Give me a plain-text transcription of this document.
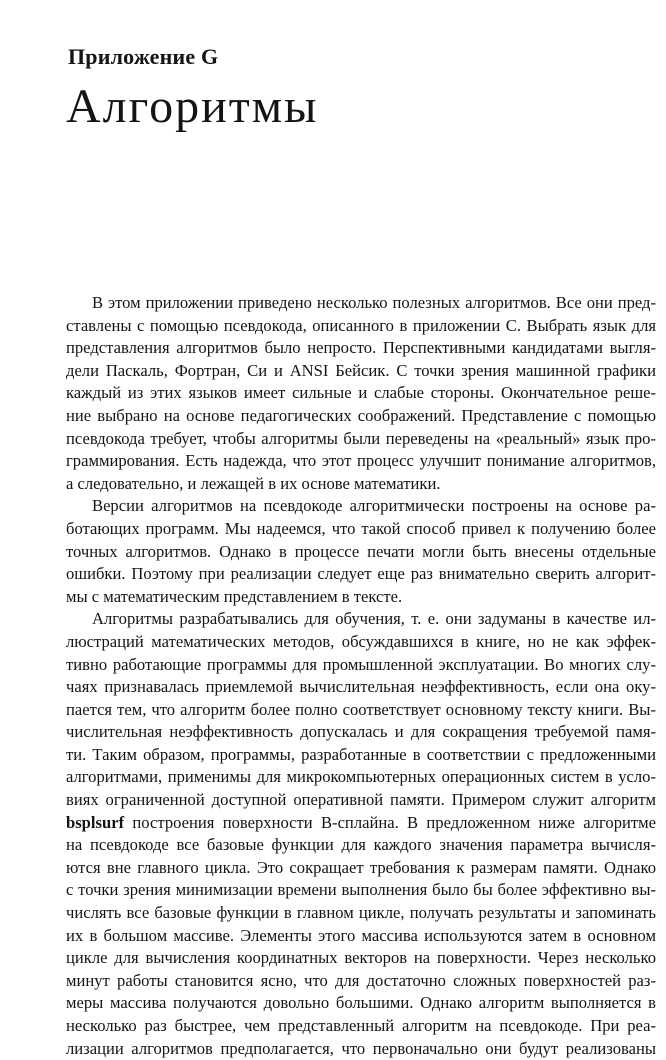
Приложение G
Алгоритмы
В этом приложении приведено несколько полезных алгоритмов. Все они пред-
ставлены с помощью псевдокода, описанного в приложении С. Выбрать язык для
представления алгоритмов было непросто. Перспективными кандидатами выгля-
дели Паскаль, Фортран, Си и ANSI Бейсик. С точки зрения машинной графики
каждый из этих языков имеет сильные и слабые стороны. Окончательное реше-
ние выбрано на основе педагогических соображений. Представление с помощью
псевдокода требует, чтобы алгоритмы были переведены на «реальный» язык про-
граммирования. Есть надежда, что этот процесс улучшит понимание алгоритмов,
а следовательно, и лежащей в их основе математики.
Версии алгоритмов на псевдокоде алгоритмически построены на основе ра-
ботающих программ. Мы надеемся, что такой способ привел к получению более
точных алгоритмов. Однако в процессе печати могли быть внесены отдельные
ошибки. Поэтому при реализации следует еще раз внимательно сверить алгорит-
мы с математическим представлением в тексте.
Алгоритмы разрабатывались для обучения, т. е. они задуманы в качестве ил-
люстраций математических методов, обсуждавшихся в книге, но не как эффек-
тивно работающие программы для промышленной эксплуатации. Во многих слу-
чаях признавалась приемлемой вычислительная неэффективность, если она оку-
пается тем, что алгоритм более полно соответствует основному тексту книги. Вы-
числительная неэффективность допускалась и для сокращения требуемой памя-
ти. Таким образом, программы, разработанные в соответствии с предложенными
алгоритмами, применимы для микрокомпьютерных операционных систем в усло-
виях ограниченной доступной оперативной памяти. Примером служит алгоритм
bsplsurf построения поверхности B-сплайна. В предложенном ниже алгоритме
на псевдокоде все базовые функции для каждого значения параметра вычисля-
ются вне главного цикла. Это сокращает требования к размерам памяти. Однако
с точки зрения минимизации времени выполнения было бы более эффективно вы-
числять все базовые функции в главном цикле, получать результаты и запоминать
их в большом массиве. Элементы этого массива используются затем в основном
цикле для вычисления координатных векторов на поверхности. Через несколько
минут работы становится ясно, что для достаточно сложных поверхностей раз-
меры массива получаются довольно большими. Однако алгоритм выполняется в
несколько раз быстрее, чем представленный алгоритм на псевдокоде. При реа-
лизации алгоритмов предполагается, что первоначально они будут реализованы
